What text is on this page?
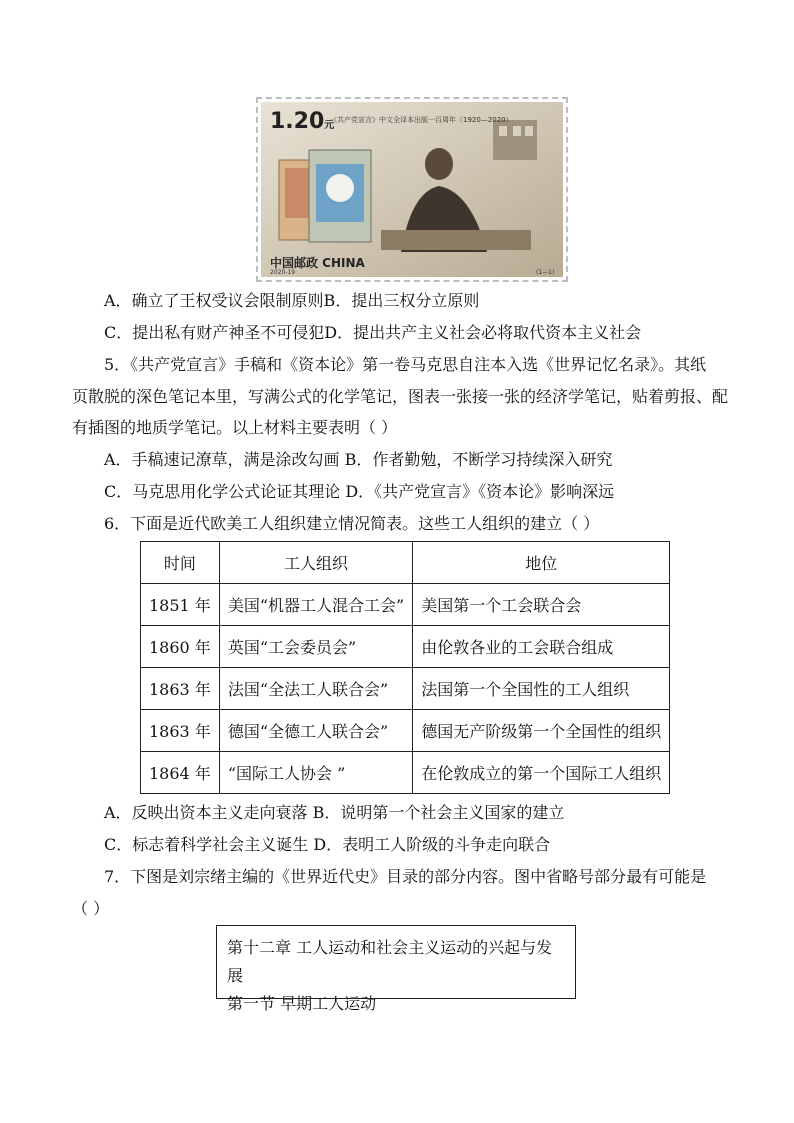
1.20元
《共产党宣言》中文全译本出版一百周年（1920—2020）
中国邮政 CHINA
2020-19	(1—1)
A．确立了王权受议会限制原则B．提出三权分立原则
C．提出私有财产神圣不可侵犯D．提出共产主义社会必将取代资本主义社会
5．《共产党宣言》手稿和《资本论》第一卷马克思自注本入选《世界记忆名录》。其纸
页散脱的深色笔记本里，写满公式的化学笔记，图表一张接一张的经济学笔记，贴着剪报、配
有插图的地质学笔记。以上材料主要表明（ ）
A．手稿速记潦草，满是涂改勾画 B．作者勤勉，不断学习持续深入研究
C．马克思用化学公式论证其理论 D．《共产党宣言》《资本论》影响深远
6．下面是近代欧美工人组织建立情况简表。这些工人组织的建立（ ）
时间	工人组织	地位
1851 年	美国“机器工人混合工会”	美国第一个工会联合会
1860 年	英国“工会委员会”	由伦敦各业的工会联合组成
1863 年	法国“全法工人联合会”	法国第一个全国性的工人组织
1863 年	德国“全德工人联合会”	德国无产阶级第一个全国性的组织
1864 年	“国际工人协会 ”	在伦敦成立的第一个国际工人组织
A．反映出资本主义走向衰落 B．说明第一个社会主义国家的建立
C．标志着科学社会主义诞生 D．表明工人阶级的斗争走向联合
7．下图是刘宗绪主编的《世界近代史》目录的部分内容。图中省略号部分最有可能是
（ ）
第十二章 工人运动和社会主义运动的兴起与发展
第一节 早期工人运动
